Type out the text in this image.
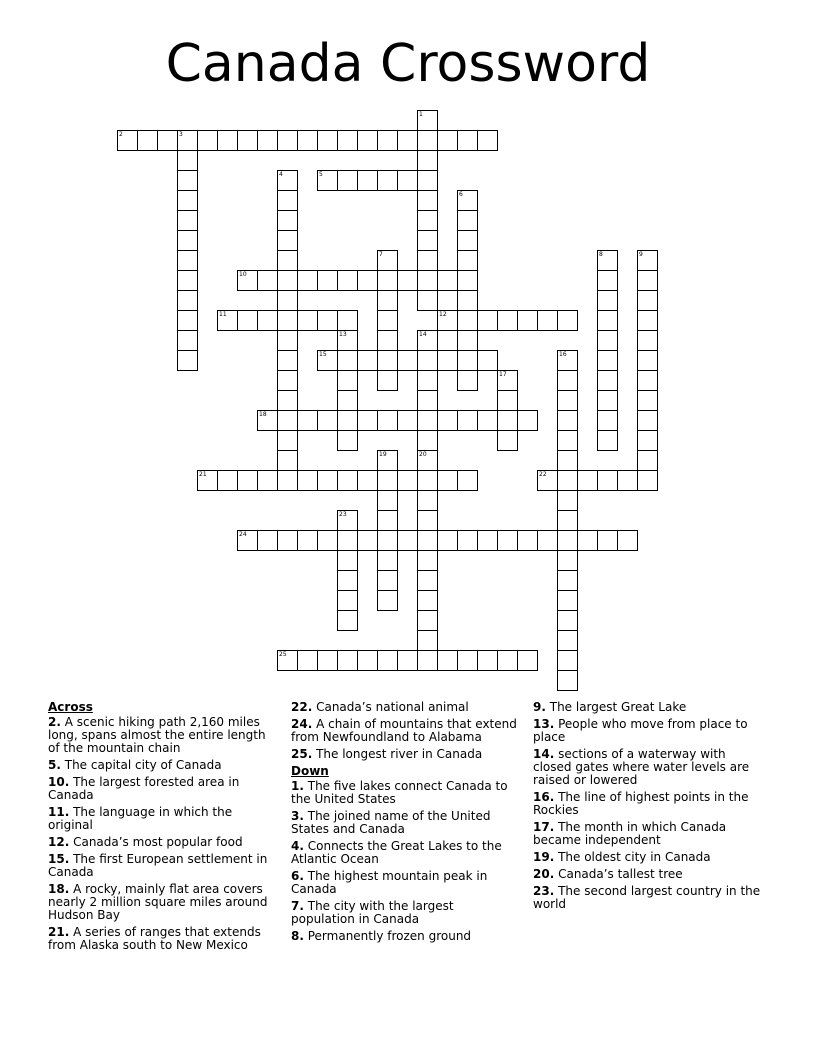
Canada Crossword
1
2	3
4	5
6
7	8	9
10
11	12
13	14
15	16
17
18
19	20
21	22
23
24
25
Across
2. A scenic hiking path 2,160 miles long, spans almost the entire length of the mountain chain
5. The capital city of Canada
10. The largest forested area in Canada
11. The language in which the original
12. Canada’s most popular food
15. The first European settlement in Canada
18. A rocky, mainly flat area covers nearly 2 million square miles around Hudson Bay
21. A series of ranges that extends from Alaska south to New Mexico
22. Canada’s national animal
24. A chain of mountains that extend from Newfoundland to Alabama
25. The longest river in Canada
Down
1. The five lakes connect Canada to the United States
3. The joined name of the United States and Canada
4. Connects the Great Lakes to the Atlantic Ocean
6. The highest mountain peak in Canada
7. The city with the largest population in Canada
8. Permanently frozen ground
9. The largest Great Lake
13. People who move from place to place
14. sections of a waterway with closed gates where water levels are raised or lowered
16. The line of highest points in the Rockies
17. The month in which Canada became independent
19. The oldest city in Canada
20. Canada’s tallest tree
23. The second largest country in the world
